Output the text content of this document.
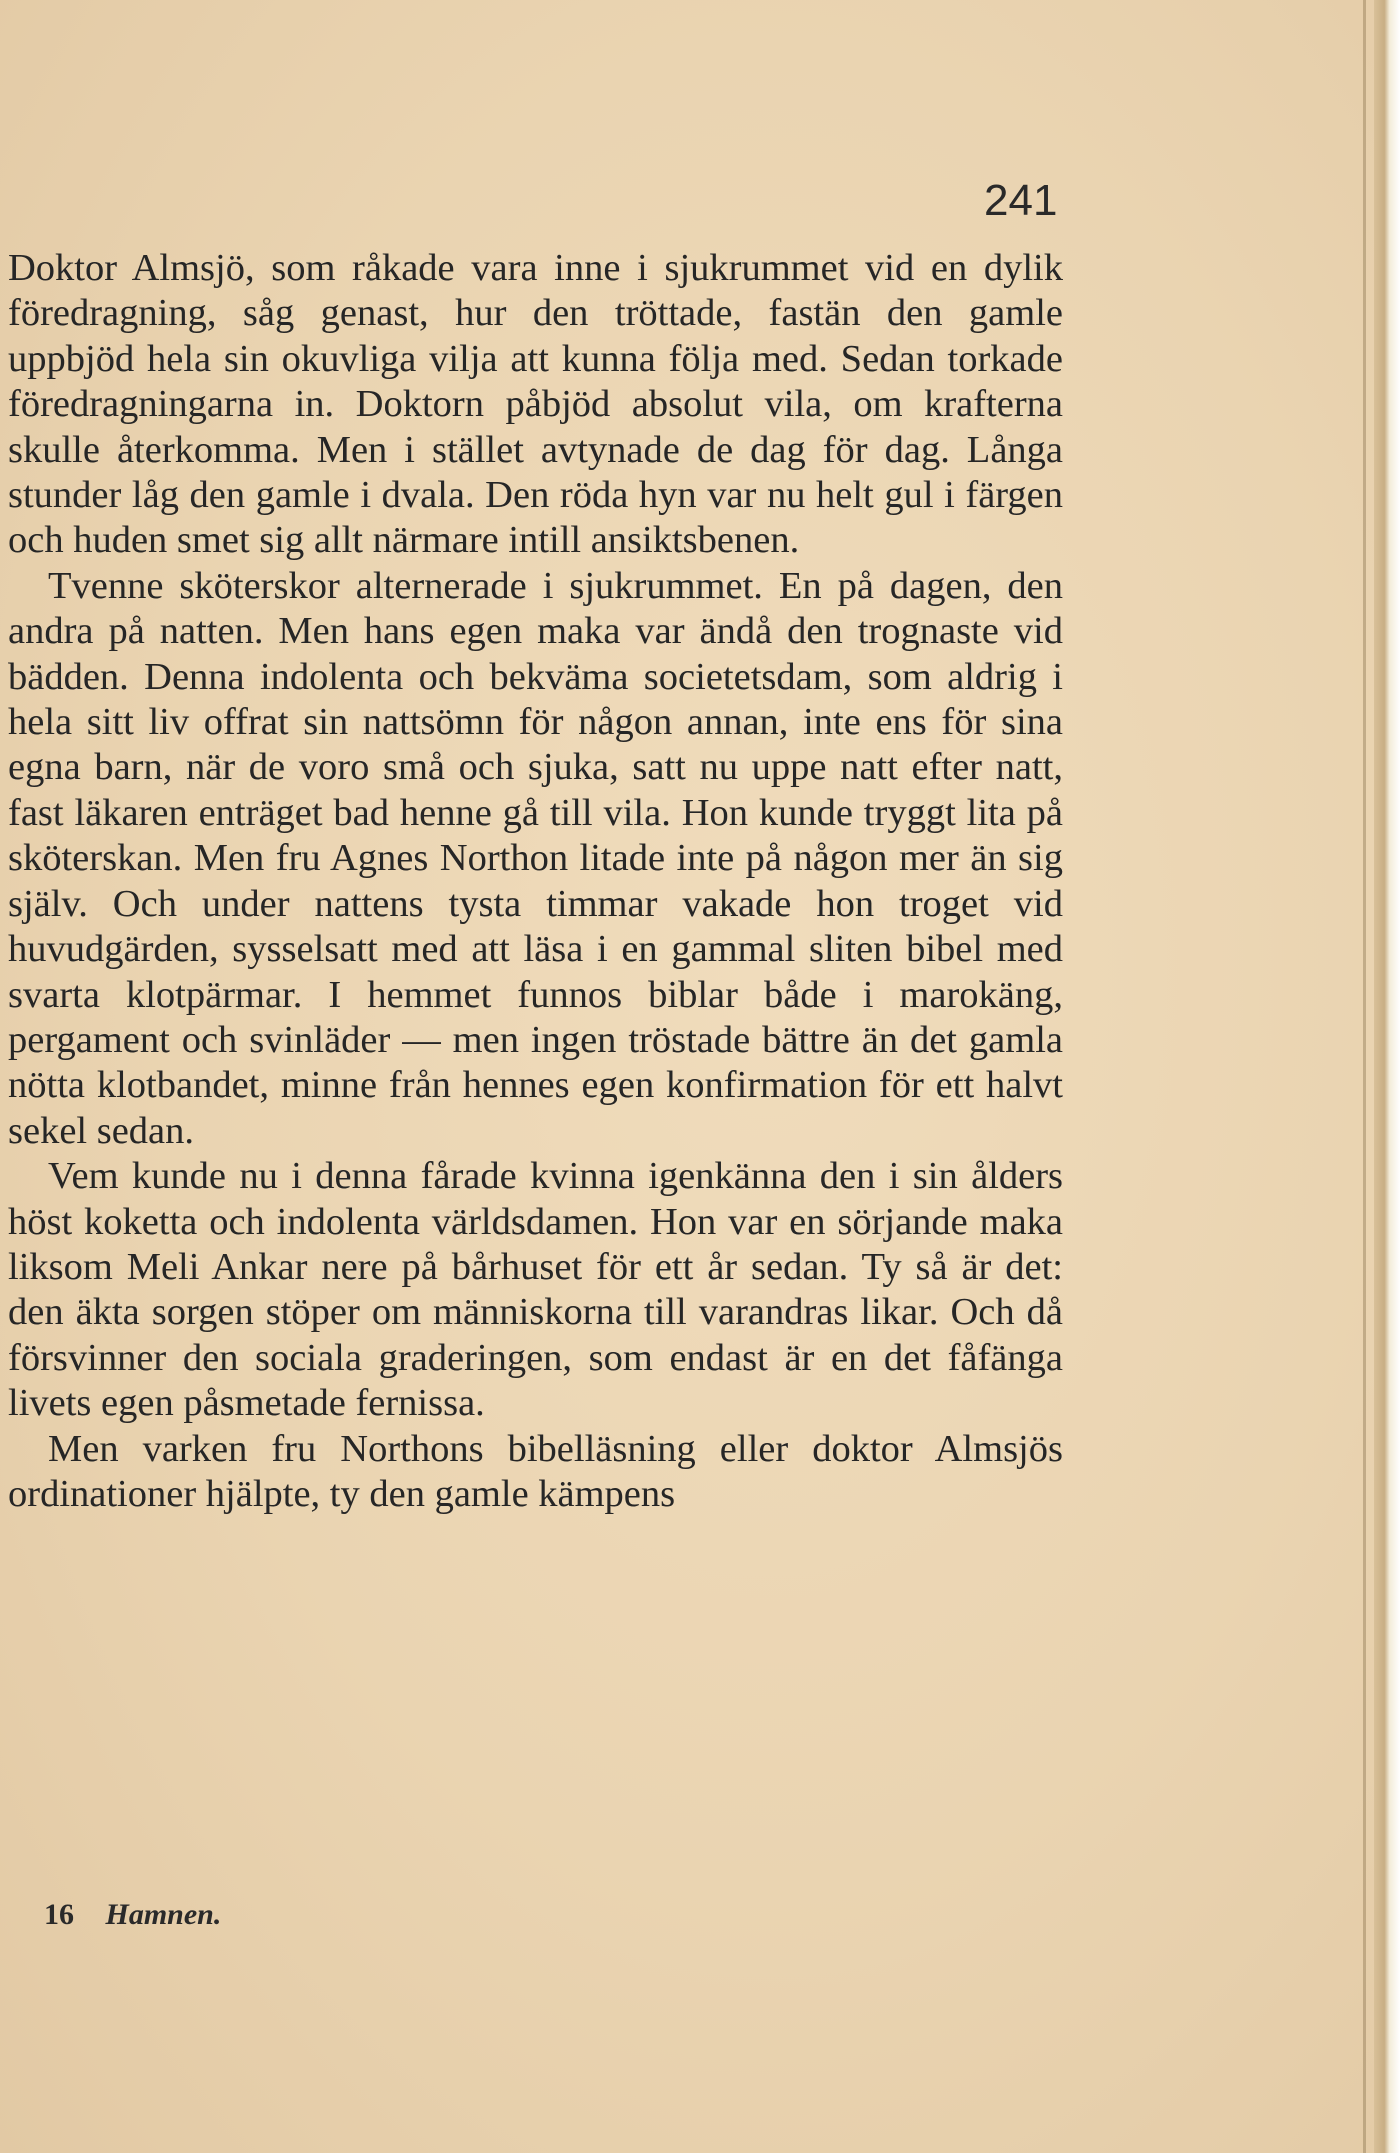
241

Doktor Almsjö, som råkade vara inne i sjukrummet vid en dylik föredragning, såg genast, hur den tröttade, fastän den gamle uppbjöd hela sin okuvliga vilja att kunna följa med. Sedan torkade föredragningarna in. Doktorn påbjöd absolut vila, om krafterna skulle återkomma. Men i stället avtynade de dag för dag. Långa stunder låg den gamle i dvala. Den röda hyn var nu helt gul i färgen och huden smet sig allt närmare intill ansiktsbenen.

Tvenne sköterskor alternerade i sjukrummet. En på dagen, den andra på natten. Men hans egen maka var ändå den trognaste vid bädden. Denna indolenta och bekväma societetsdam, som aldrig i hela sitt liv offrat sin nattsömn för någon annan, inte ens för sina egna barn, när de voro små och sjuka, satt nu uppe natt efter natt, fast läkaren enträget bad henne gå till vila. Hon kunde tryggt lita på sköterskan. Men fru Agnes Northon litade inte på någon mer än sig själv. Och under nattens tysta timmar vakade hon troget vid huvudgärden, sysselsatt med att läsa i en gammal sliten bibel med svarta klotpärmar. I hemmet funnos biblar både i marokäng, pergament och svinläder — men ingen tröstade bättre än det gamla nötta klotbandet, minne från hennes egen konfirmation för ett halvt sekel sedan.

Vem kunde nu i denna fårade kvinna igenkänna den i sin ålders höst koketta och indolenta världsdamen. Hon var en sörjande maka liksom Meli Ankar nere på bårhuset för ett år sedan. Ty så är det: den äkta sorgen stöper om människorna till varandras likar. Och då försvinner den sociala graderingen, som endast är en det fåfänga livets egen påsmetade fernissa.

Men varken fru Northons bibelläsning eller doktor Almsjös ordinationer hjälpte, ty den gamle kämpens

16 Hamnen.
